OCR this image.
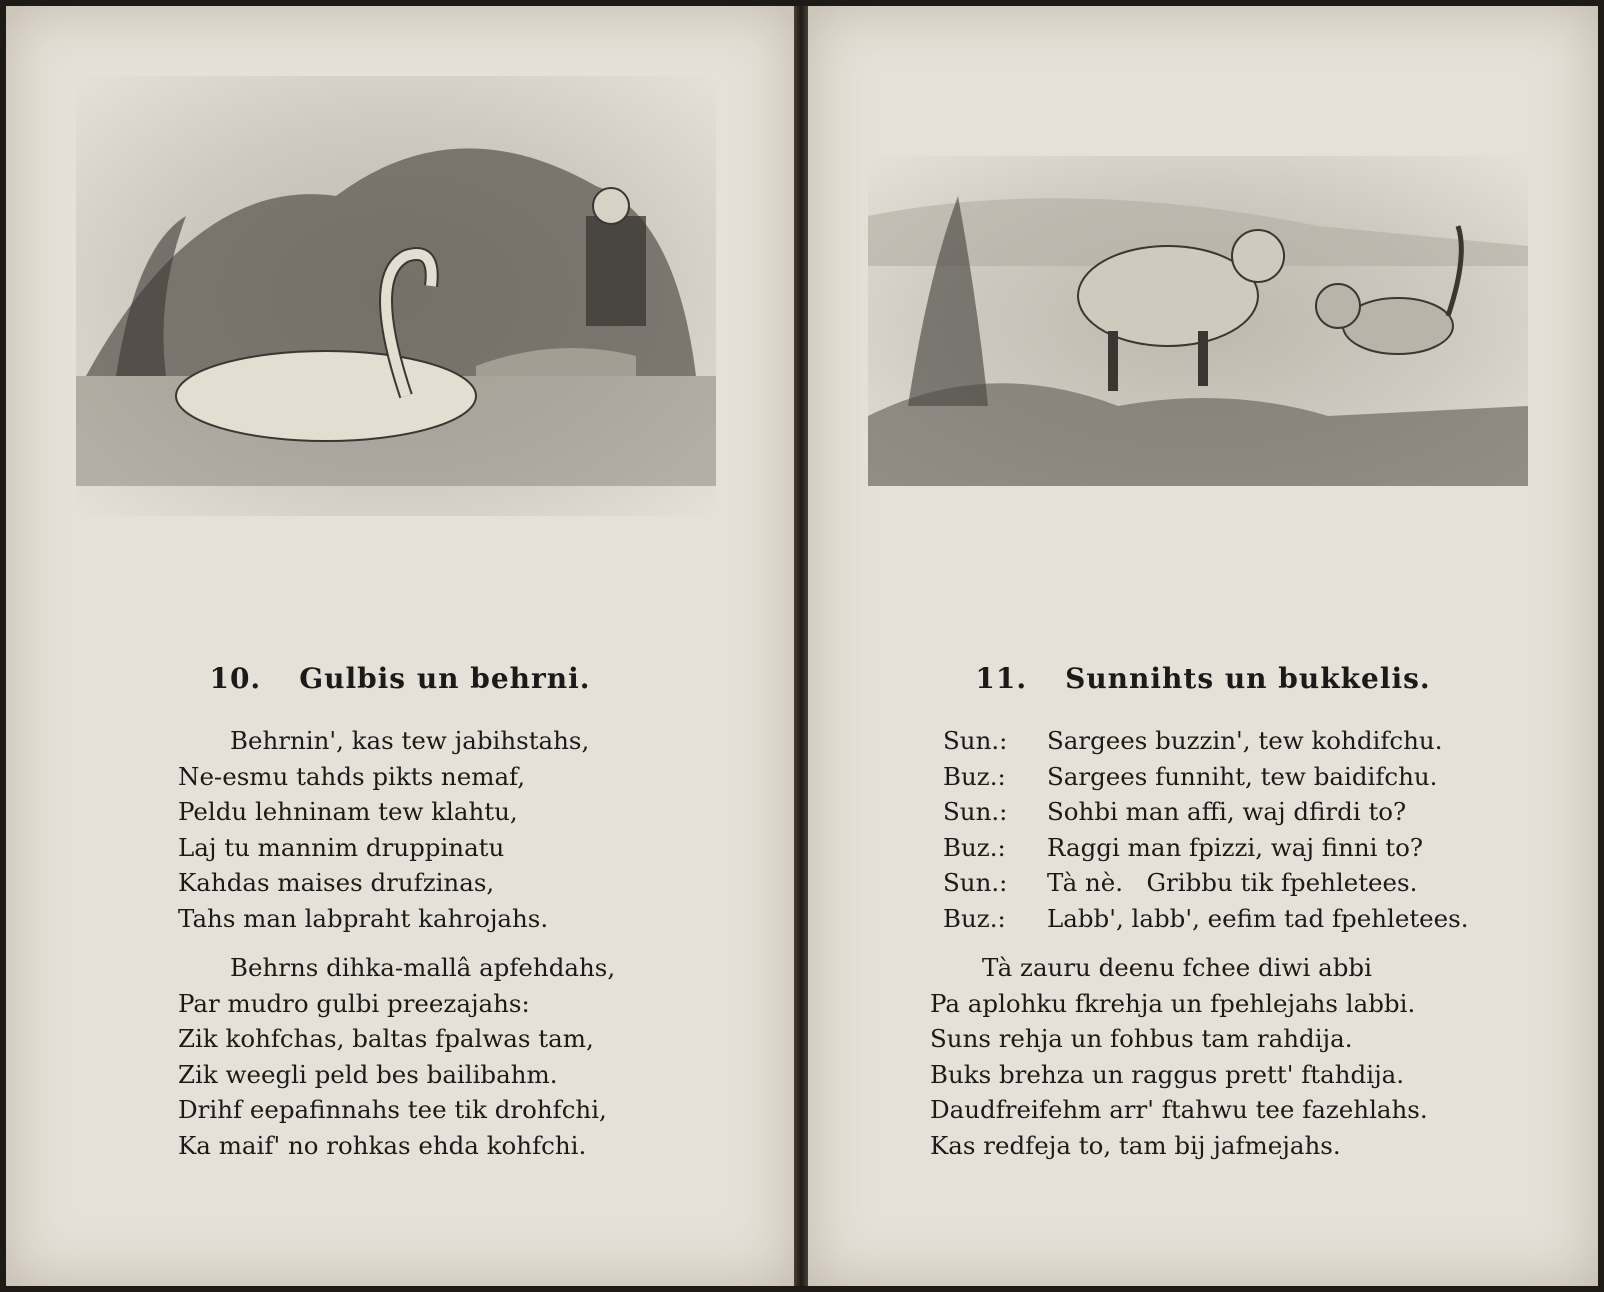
10. Gulbis un behrni.
Behrnin', kas tew jabihstahs,
Ne-esmu tahds pikts nemaf,
Peldu lehninam tew klahtu,
Laj tu mannim druppinatu
Kahdas maises drufzinas,
Tahs man labpraht kahrojahs.
Behrns dihka-mallâ apfehdahs,
Par mudro gulbi preezajahs:
Zik kohfchas, baltas fpalwas tam,
Zik weegli peld bes bailibahm.
Drihf eepafinnahs tee tik drohfchi,
Ka maif' no rohkas ehda kohfchi.
11. Sunnihts un bukkelis.
Sun.: Sargees buzzin', tew kohdifchu.
Buz.: Sargees funniht, tew baidifchu.
Sun.: Sohbi man affi, waj dfirdi to?
Buz.: Raggi man fpizzi, waj finni to?
Sun.: Tà nè.   Gribbu tik fpehletees.
Buz.: Labb', labb', eefim tad fpehletees.
Tà zauru deenu fchee diwi abbi
Pa aplohku fkrehja un fpehlejahs labbi.
Suns rehja un fohbus tam rahdija.
Buks brehza un raggus prett' ftahdija.
Daudfreifehm arr' ftahwu tee fazehlahs.
Kas redfeja to, tam bij jafmejahs.
